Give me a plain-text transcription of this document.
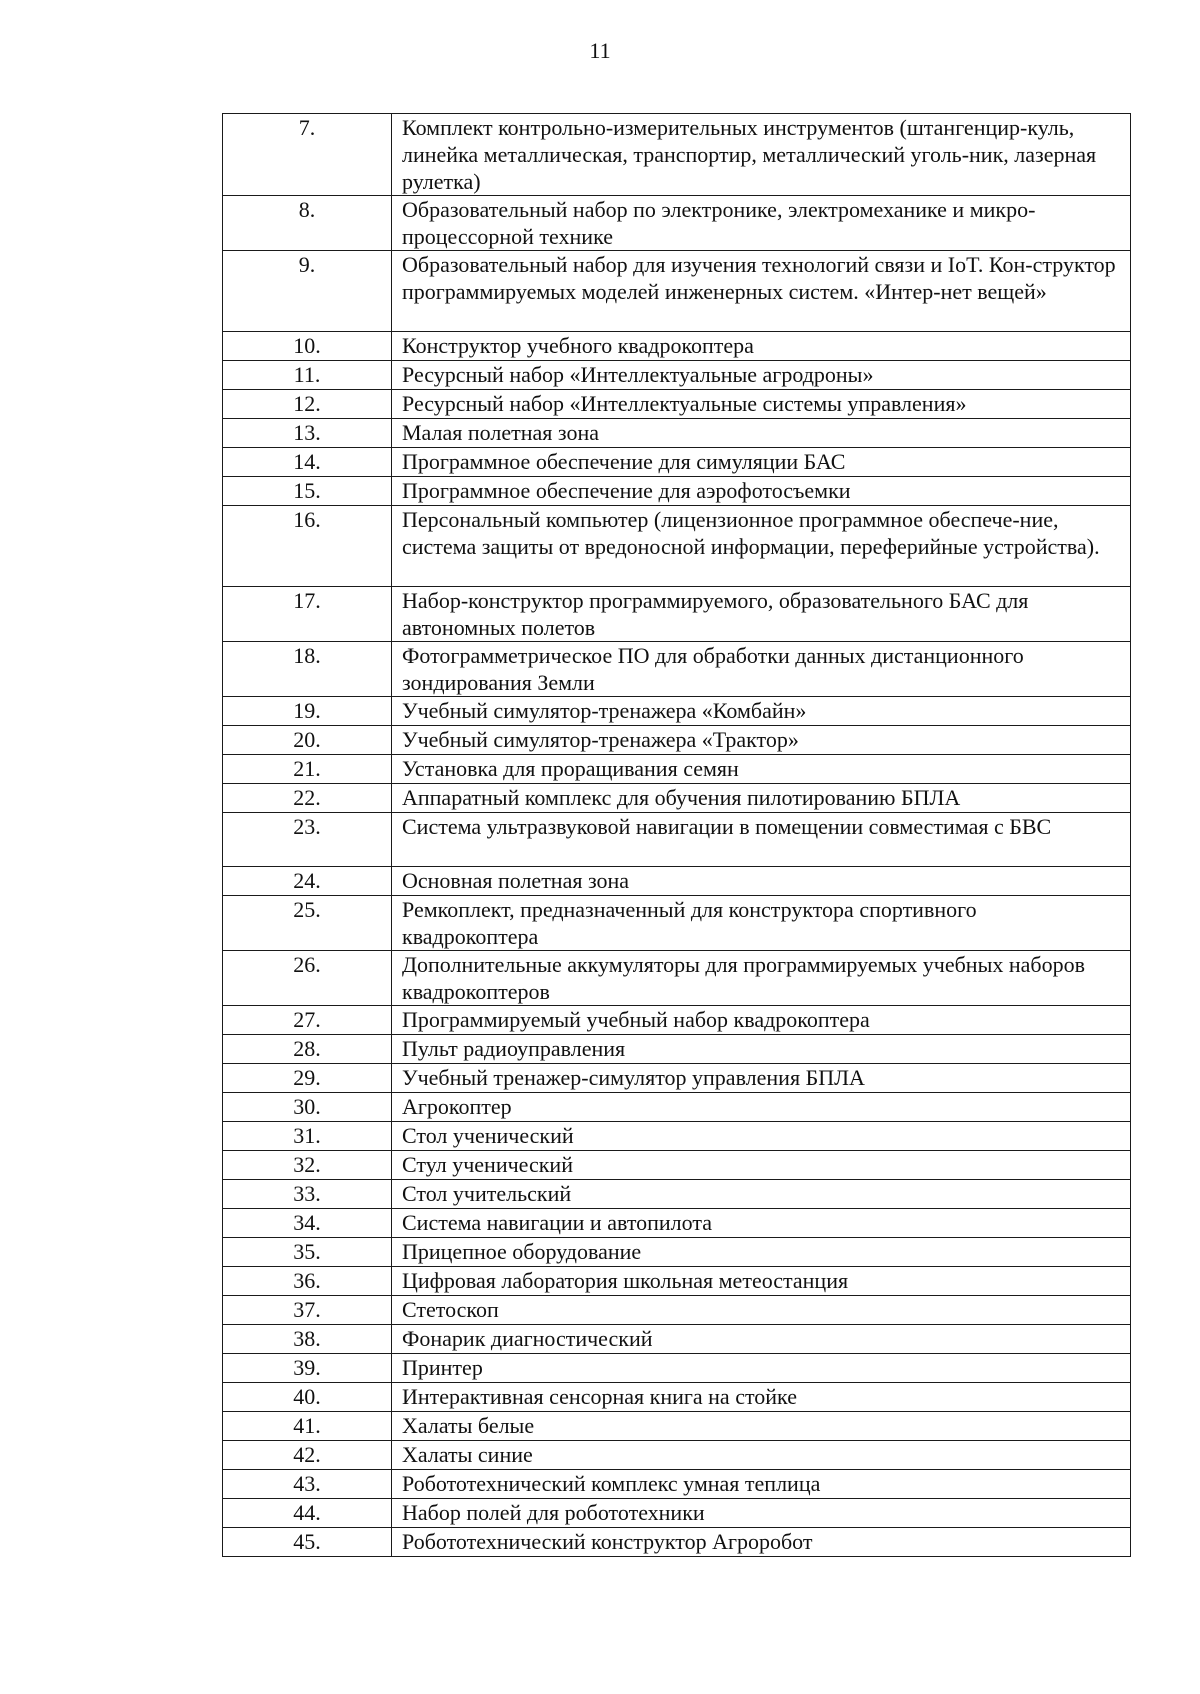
11
7.	Комплект контрольно-измерительных инструментов (штангенцир-куль, линейка металлическая, транспортир, металлический уголь-ник, лазерная рулетка)
8.	Образовательный набор по электронике, электромеханике и микро-процессорной технике
9.	Образовательный набор для изучения технологий связи и IoT. Кон-структор программируемых моделей инженерных систем. «Интер-нет вещей»
10.	Конструктор учебного квадрокоптера
11.	Ресурсный набор «Интеллектуальные агродроны»
12.	Ресурсный набор «Интеллектуальные системы управления»
13.	Малая полетная зона
14.	Программное обеспечение для симуляции БАС
15.	Программное обеспечение для аэрофотосъемки
16.	Персональный компьютер (лицензионное программное обеспече-ние, система защиты от вредоносной информации, переферийные устройства).
17.	Набор-конструктор программируемого, образовательного БАС для автономных полетов
18.	Фотограмметрическое ПО для обработки данных дистанционного зондирования Земли
19.	Учебный симулятор-тренажера «Комбайн»
20.	Учебный симулятор-тренажера «Трактор»
21.	Установка для проращивания семян
22.	Аппаратный комплекс для обучения пилотированию БПЛА
23.	Система ультразвуковой навигации в помещении совместимая с БВС
24.	Основная полетная зона
25.	Ремкоплект, предназначенный для конструктора спортивного квадрокоптера
26.	Дополнительные аккумуляторы для программируемых учебных наборов квадрокоптеров
27.	Программируемый учебный набор квадрокоптера
28.	Пульт радиоуправления
29.	Учебный тренажер-симулятор управления БПЛА
30.	Агрокоптер
31.	Стол ученический
32.	Стул ученический
33.	Стол учительский
34.	Система навигации и автопилота
35.	Прицепное оборудование
36.	Цифровая лаборатория школьная метеостанция
37.	Стетоскоп
38.	Фонарик диагностический
39.	Принтер
40.	Интерактивная сенсорная книга на стойке
41.	Халаты белые
42.	Халаты синие
43.	Робототехнический комплекс умная теплица
44.	Набор полей для робототехники
45.	Робототехнический конструктор Агроробот
